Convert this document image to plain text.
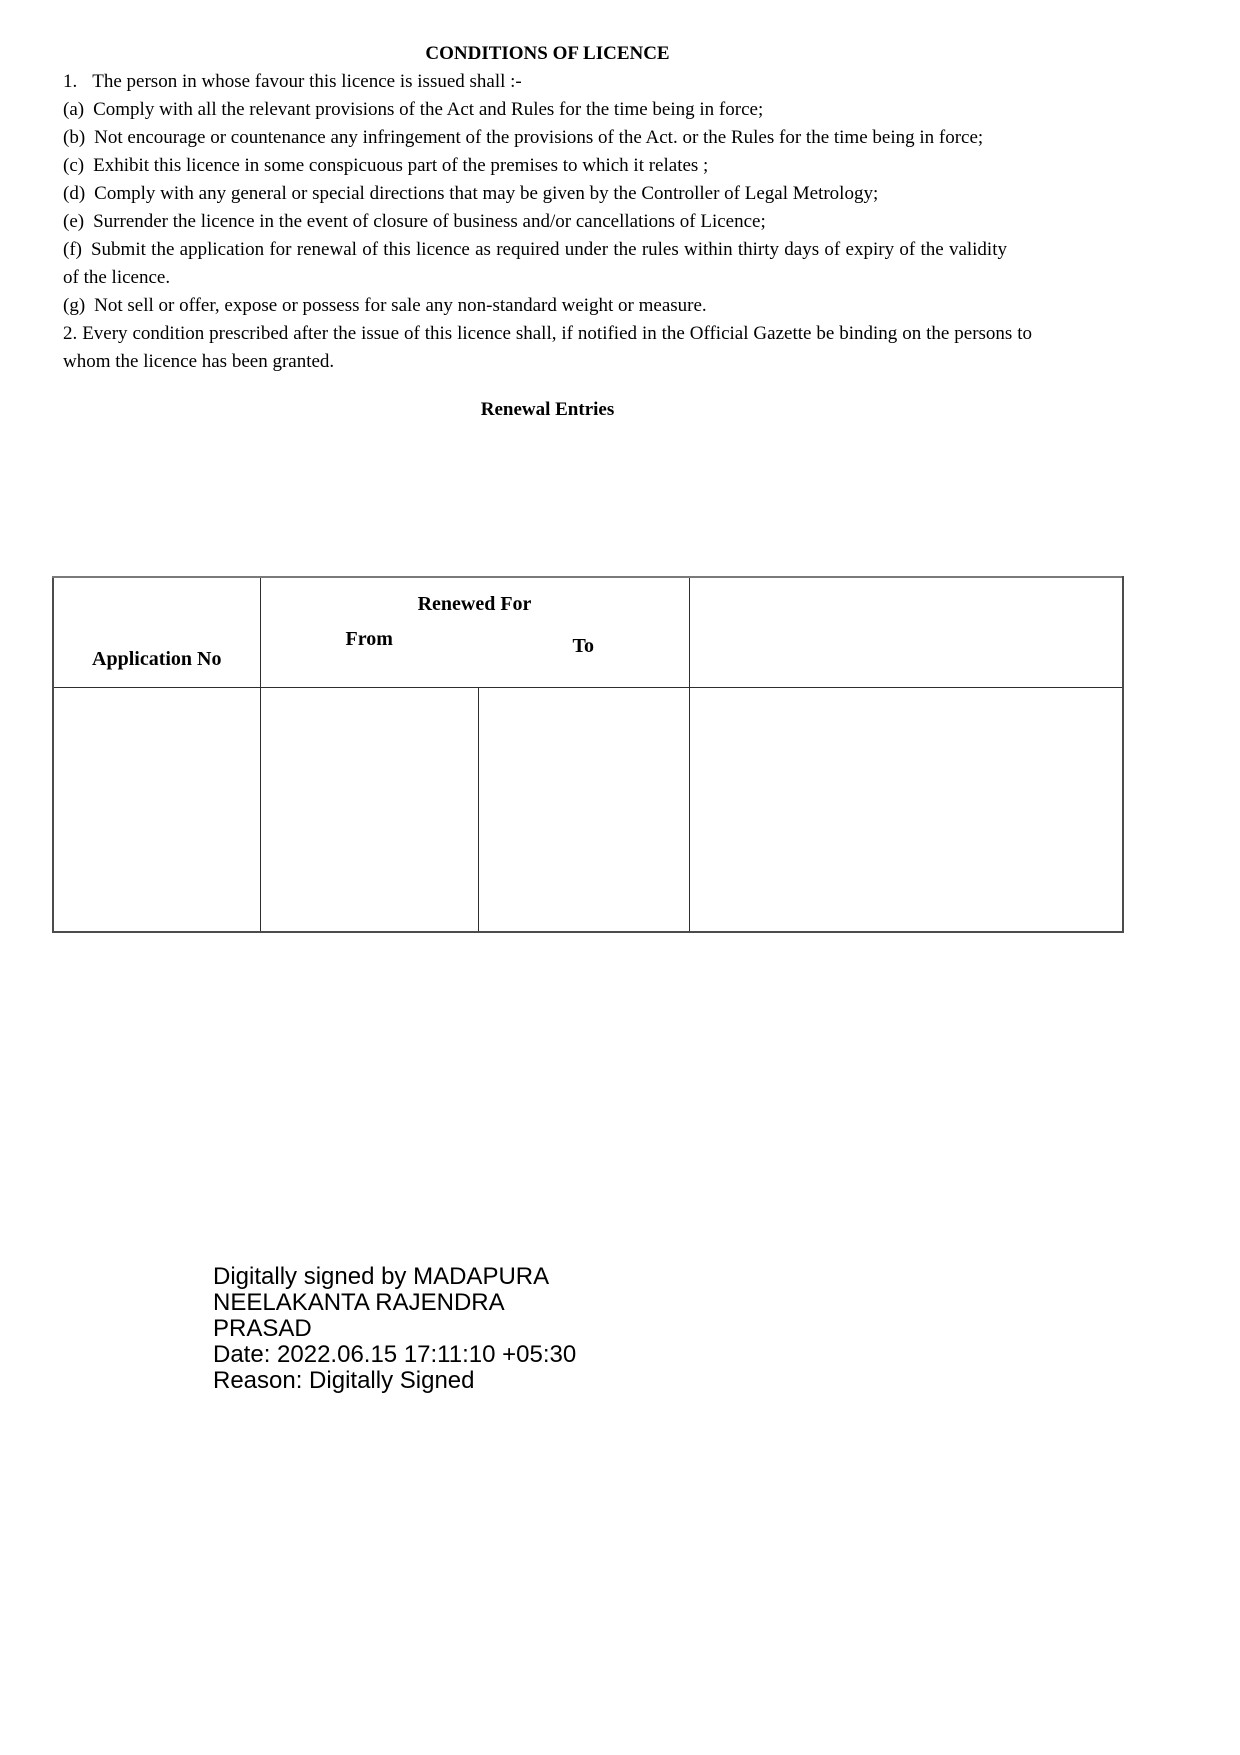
CONDITIONS OF LICENCE

1. The person in whose favour this licence is issued shall :-

(a) Comply with all the relevant provisions of the Act and Rules for the time being in force;

(b) Not encourage or countenance any infringement of the provisions of the Act. or the Rules for the time being in force;

(c) Exhibit this licence in some conspicuous part of the premises to which it relates ;

(d) Comply with any general or special directions that may be given by the Controller of Legal Metrology;

(e) Surrender the licence in the event of closure of business and/or cancellations of Licence;

(f) Submit the application for renewal of this licence as required under the rules within thirty days of expiry of the validity of the licence.

(g) Not sell or offer, expose or possess for sale any non-standard weight or measure.

2. Every condition prescribed after the issue of this licence shall, if notified in the Official Gazette be binding on the persons to whom the licence has been granted.

Renewal Entries
Application No	Renewed For
From To		

Digitally signed by MADAPURA
NEELAKANTA RAJENDRA
PRASAD
Date: 2022.06.15 17:11:10 +05:30
Reason: Digitally Signed
